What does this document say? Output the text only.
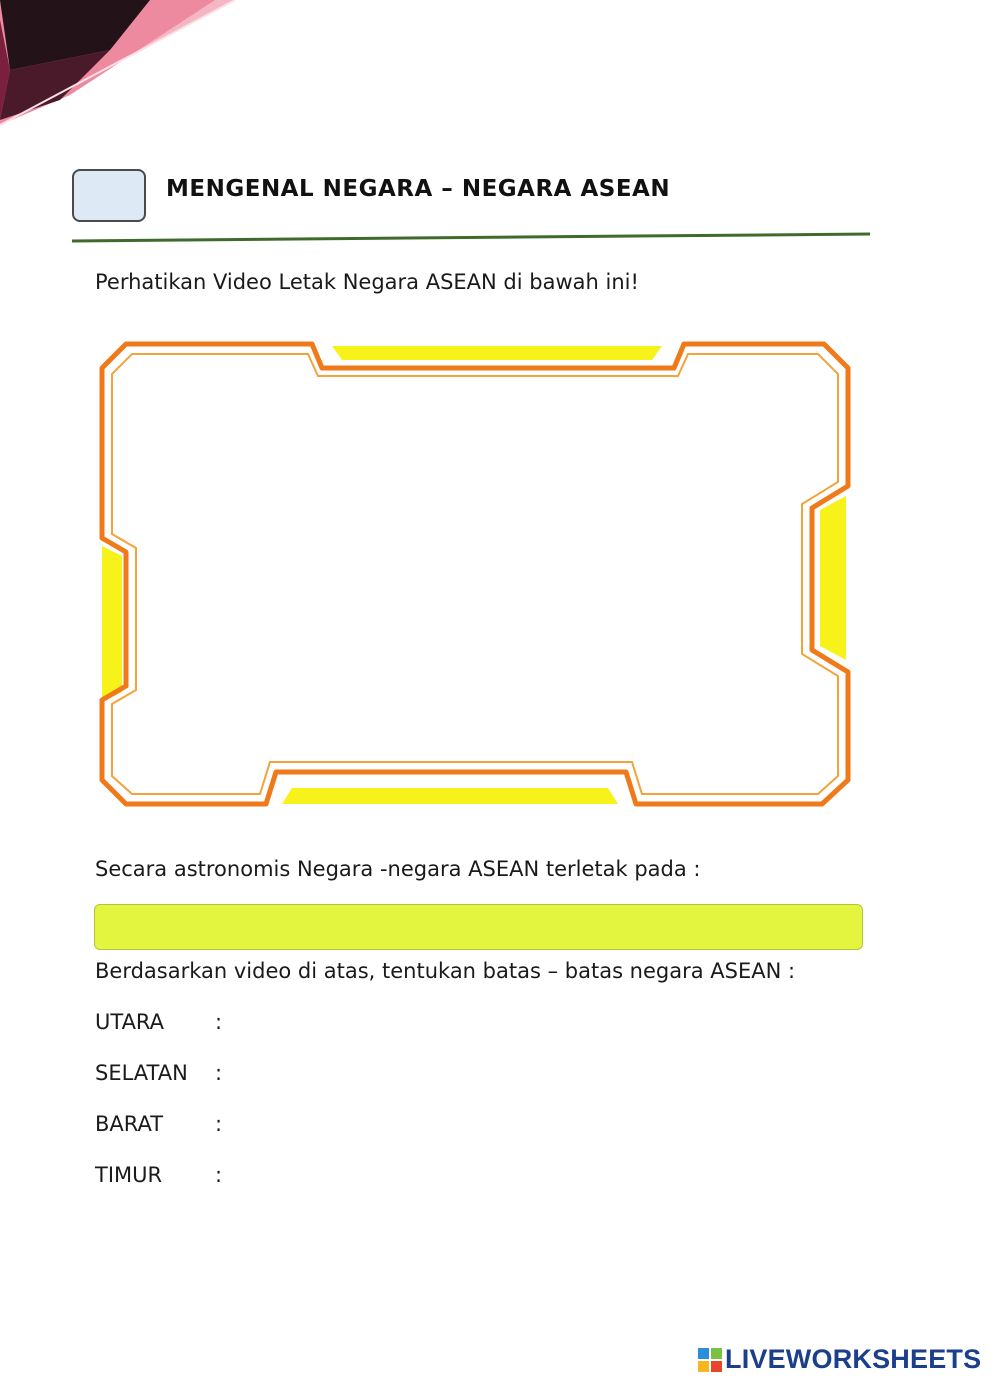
MENGENAL NEGARA – NEGARA ASEAN
Perhatikan Video Letak Negara ASEAN di bawah ini!
Secara astronomis Negara -negara ASEAN terletak pada :
Berdasarkan video di atas, tentukan batas – batas negara ASEAN :
UTARA :
SELATAN :
BARAT :
TIMUR	:
LIVEWORKSHEETS
